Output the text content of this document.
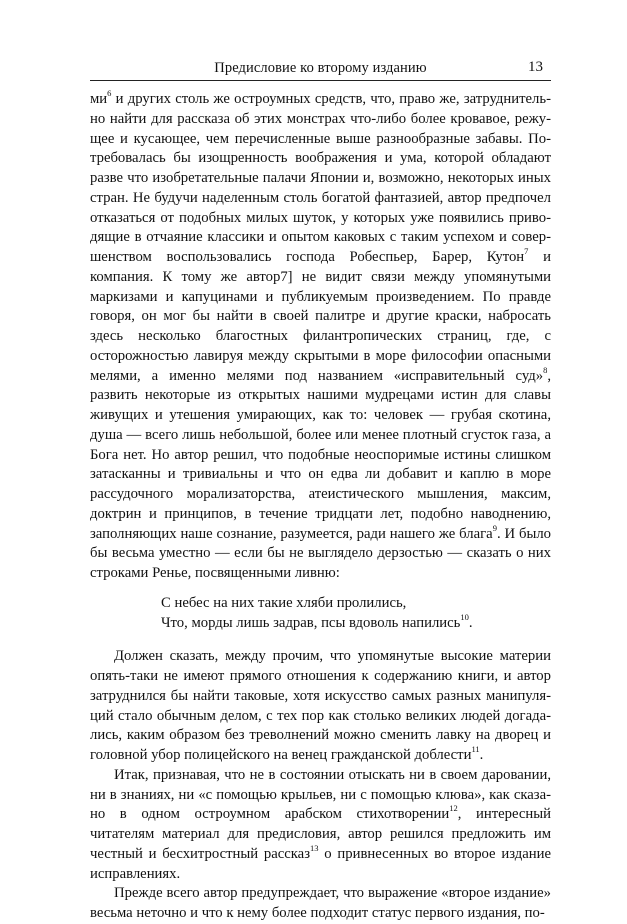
Предисловие ко второму изданию	13

$ми^6$ и других столь же остроумных средств, что, право же, затруднительно найти для рассказа об этих монстрах что-либо более кровавое, режущее и кусающее, чем перечисленные выше разнообразные забавы. Потребовалась бы изощренность воображения и ума, которой обладают разве что изобретательные палачи Японии и, возможно, некоторых иных стран. Не будучи наделенным столь богатой фантазией, автор предпочел отказаться от подобных милых шуток, у которых уже появились приводящие в отчаяние классики и опытом каковых с таким успехом и совершенством воспользовались господа Робеспьер, Барер, Кутон$^7$ и компания. К тому же автор7] не видит связи между упомянутыми маркизами и капуцинами и публикуемым произведением. По правде говоря, он мог бы найти в своей палитре и другие краски, набросать здесь несколько благостных филантропических страниц, где, с осторожностью лавируя между скрытыми в море философии опасными мелями, а именно мелями под названием «исправительный суд»$^8$, развить некоторые из открытых нашими мудрецами истин для славы живущих и утешения умирающих, как то: человек — грубая скотина, душа — всего лишь небольшой, более или менее плотный сгусток газа, а Бога нет. Но автор решил, что подобные неоспоримые истины слишком затасканны и тривиальны и что он едва ли добавит и каплю в море рассудочного морализаторства, атеистического мышления, максим, доктрин и принципов, в течение тридцати лет, подобно наводнению, заполняющих наше сознание, разумеется, ради нашего же блага$^9$. И было бы весьма уместно — если бы не выглядело дерзостью — сказать о них строками Ренье, посвященными ливню:

С небес на них такие хляби пролились,
Что, морды лишь задрав, псы вдоволь напились$^{10}$.

Должен сказать, между прочим, что упомянутые высокие материи опять-таки не имеют прямого отношения к содержанию книги, и автор затруднился бы найти таковые, хотя искусство самых разных манипуляций стало обычным делом, с тех пор как столько великих людей догадались, каким образом без треволнений можно сменить лавку на дворец и головной убор полицейского на венец гражданской доблести$^{11}$.

Итак, признавая, что не в состоянии отыскать ни в своем даровании, ни в знаниях, ни «с помощью крыльев, ни с помощью клюва», как сказано в одном остроумном арабском стихотворении$^{12}$, интересный читателям материал для предисловия, автор решился предложить им честный и бесхитростный рассказ$^{13}$ о привнесенных во второе издание исправлениях.

Прежде всего автор предупреждает, что выражение «второе издание» весьма неточно и что к нему более подходит статус первого издания, по-
